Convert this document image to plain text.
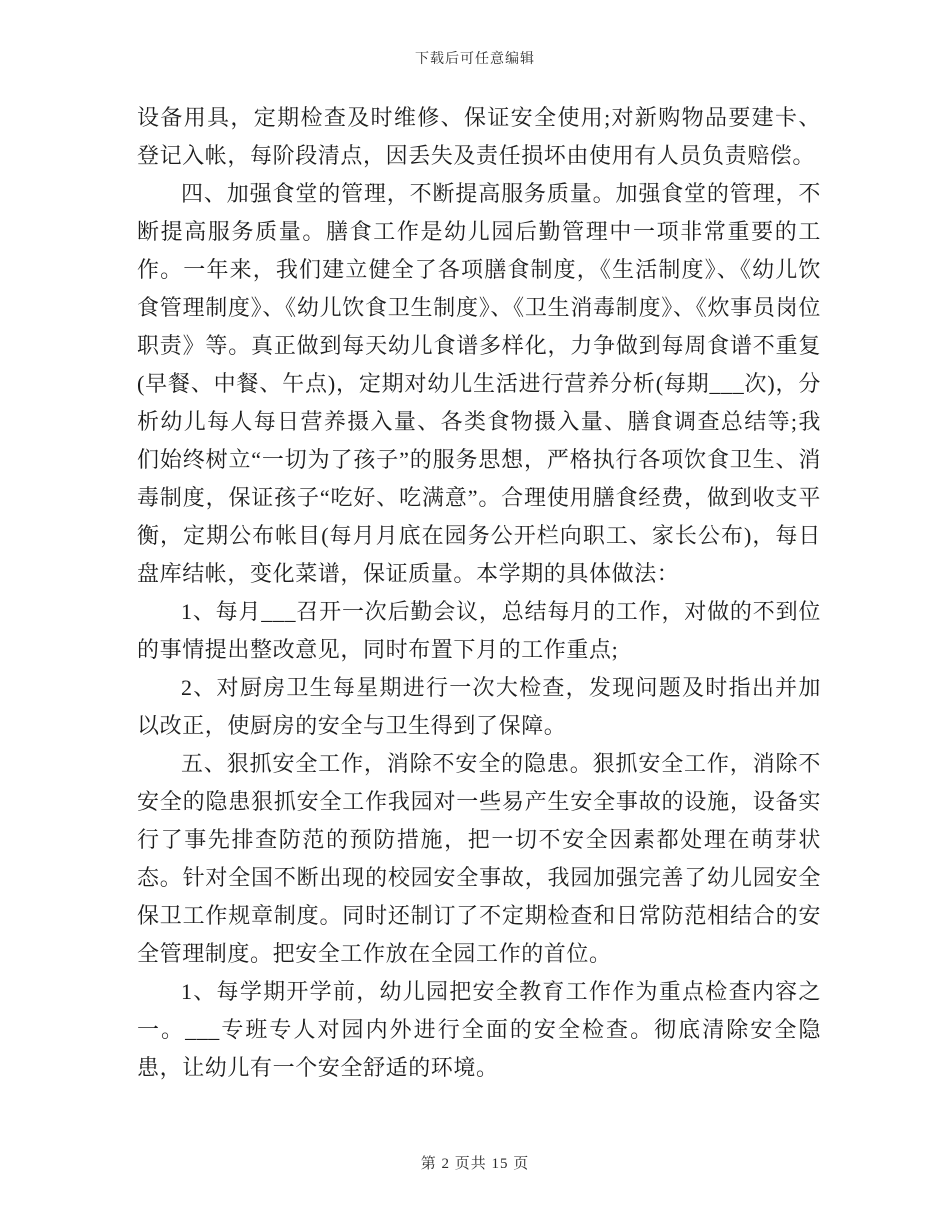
下载后可任意编辑

设备用具，定期检查及时维修、保证安全使用;对新购物品要建卡、登记入帐，每阶段清点，因丢失及责任损坏由使用有人员负责赔偿。

四、加强食堂的管理，不断提高服务质量。加强食堂的管理，不断提高服务质量。膳食工作是幼儿园后勤管理中一项非常重要的工作。一年来，我们建立健全了各项膳食制度，《生活制度》、《幼儿饮食管理制度》、《幼儿饮食卫生制度》、《卫生消毒制度》、《炊事员岗位职责》等。真正做到每天幼儿食谱多样化，力争做到每周食谱不重复(早餐、中餐、午点)，定期对幼儿生活进行营养分析(每期___次)，分析幼儿每人每日营养摄入量、各类食物摄入量、膳食调查总结等;我们始终树立“一切为了孩子”的服务思想，严格执行各项饮食卫生、消毒制度，保证孩子“吃好、吃满意”。合理使用膳食经费，做到收支平衡，定期公布帐目(每月月底在园务公开栏向职工、家长公布)，每日盘库结帐，变化菜谱，保证质量。本学期的具体做法：

1、每月___召开一次后勤会议，总结每月的工作，对做的不到位的事情提出整改意见，同时布置下月的工作重点;

2、对厨房卫生每星期进行一次大检查，发现问题及时指出并加以改正，使厨房的安全与卫生得到了保障。

五、狠抓安全工作，消除不安全的隐患。狠抓安全工作，消除不安全的隐患狠抓安全工作我园对一些易产生安全事故的设施，设备实行了事先排查防范的预防措施，把一切不安全因素都处理在萌芽状态。针对全国不断出现的校园安全事故，我园加强完善了幼儿园安全保卫工作规章制度。同时还制订了不定期检查和日常防范相结合的安全管理制度。把安全工作放在全园工作的首位。

1、每学期开学前，幼儿园把安全教育工作作为重点检查内容之一。___专班专人对园内外进行全面的安全检查。彻底清除安全隐患，让幼儿有一个安全舒适的环境。

第 2 页共 15 页
